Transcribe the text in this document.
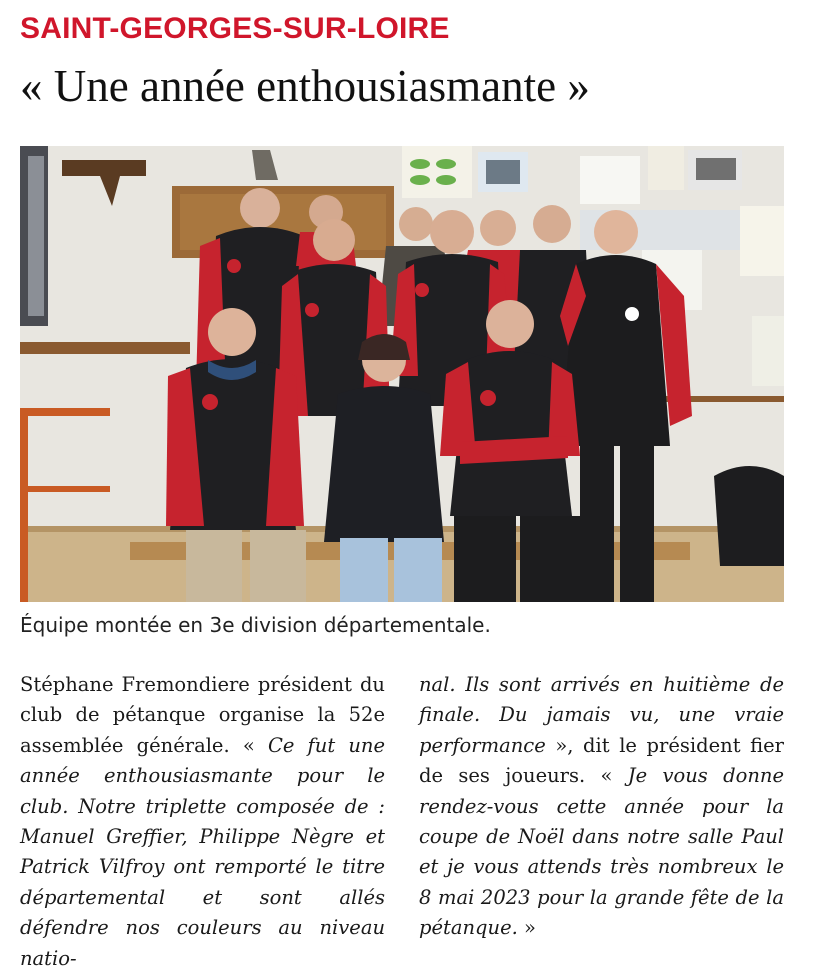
SAINT-GEORGES-SUR-LOIRE
« Une année enthousiasmante »
Équipe montée en 3e division départementale.
Stéphane Fremondiere président du club de pétanque organise la 52e assemblée générale. « Ce fut une année enthousiasmante pour le club. Notre triplette composée de : Manuel Greffier, Philippe Nègre et Patrick Vilfroy ont remporté le titre départemental et sont allés défendre nos couleurs au niveau natio-
nal. Ils sont arrivés en huitième de finale. Du jamais vu, une vraie performance », dit le président fier de ses joueurs. « Je vous donne rendez-vous cette année pour la coupe de Noël dans notre salle Paul et je vous attends très nombreux le 8 mai 2023 pour la grande fête de la pétanque. »
